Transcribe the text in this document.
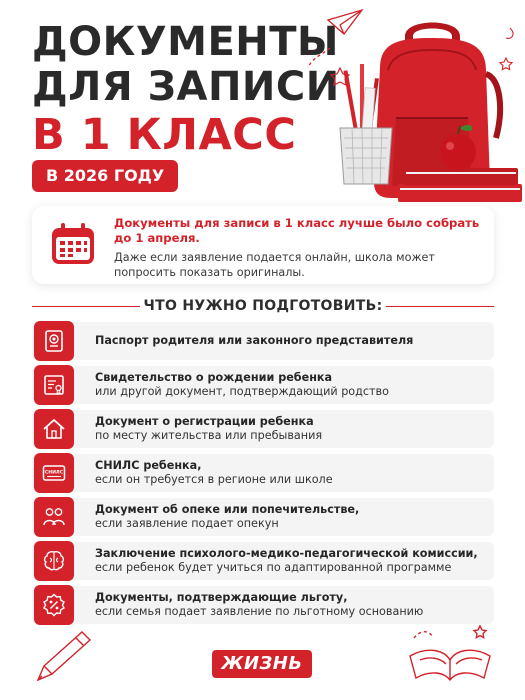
ДОКУМЕНТЫ
ДЛЯ ЗАПИСИ
В 1 КЛАСС
В 2026 ГОДУ
Документы для записи в 1 класс лучше было собрать до 1 апреля.
Даже если заявление подается онлайн, школа может попросить показать оригиналы.
ЧТО НУЖНО ПОДГОТОВИТЬ:
Паспорт родителя или законного представителя
Свидетельство о рождении ребенка
или другой документ, подтверждающий родство
Документ о регистрации ребенка
по месту жительства или пребывания
СНИЛС
СНИЛС ребенка,
если он требуется в регионе или школе
Документ об опеке или попечительстве,
если заявление подает опекун
Заключение психолого-медико-педагогической комиссии,
если ребенок будет учиться по адаптированной программе
Документы, подтверждающие льготу,
если семья подает заявление по льготному основанию
ЖИЗНЬ
